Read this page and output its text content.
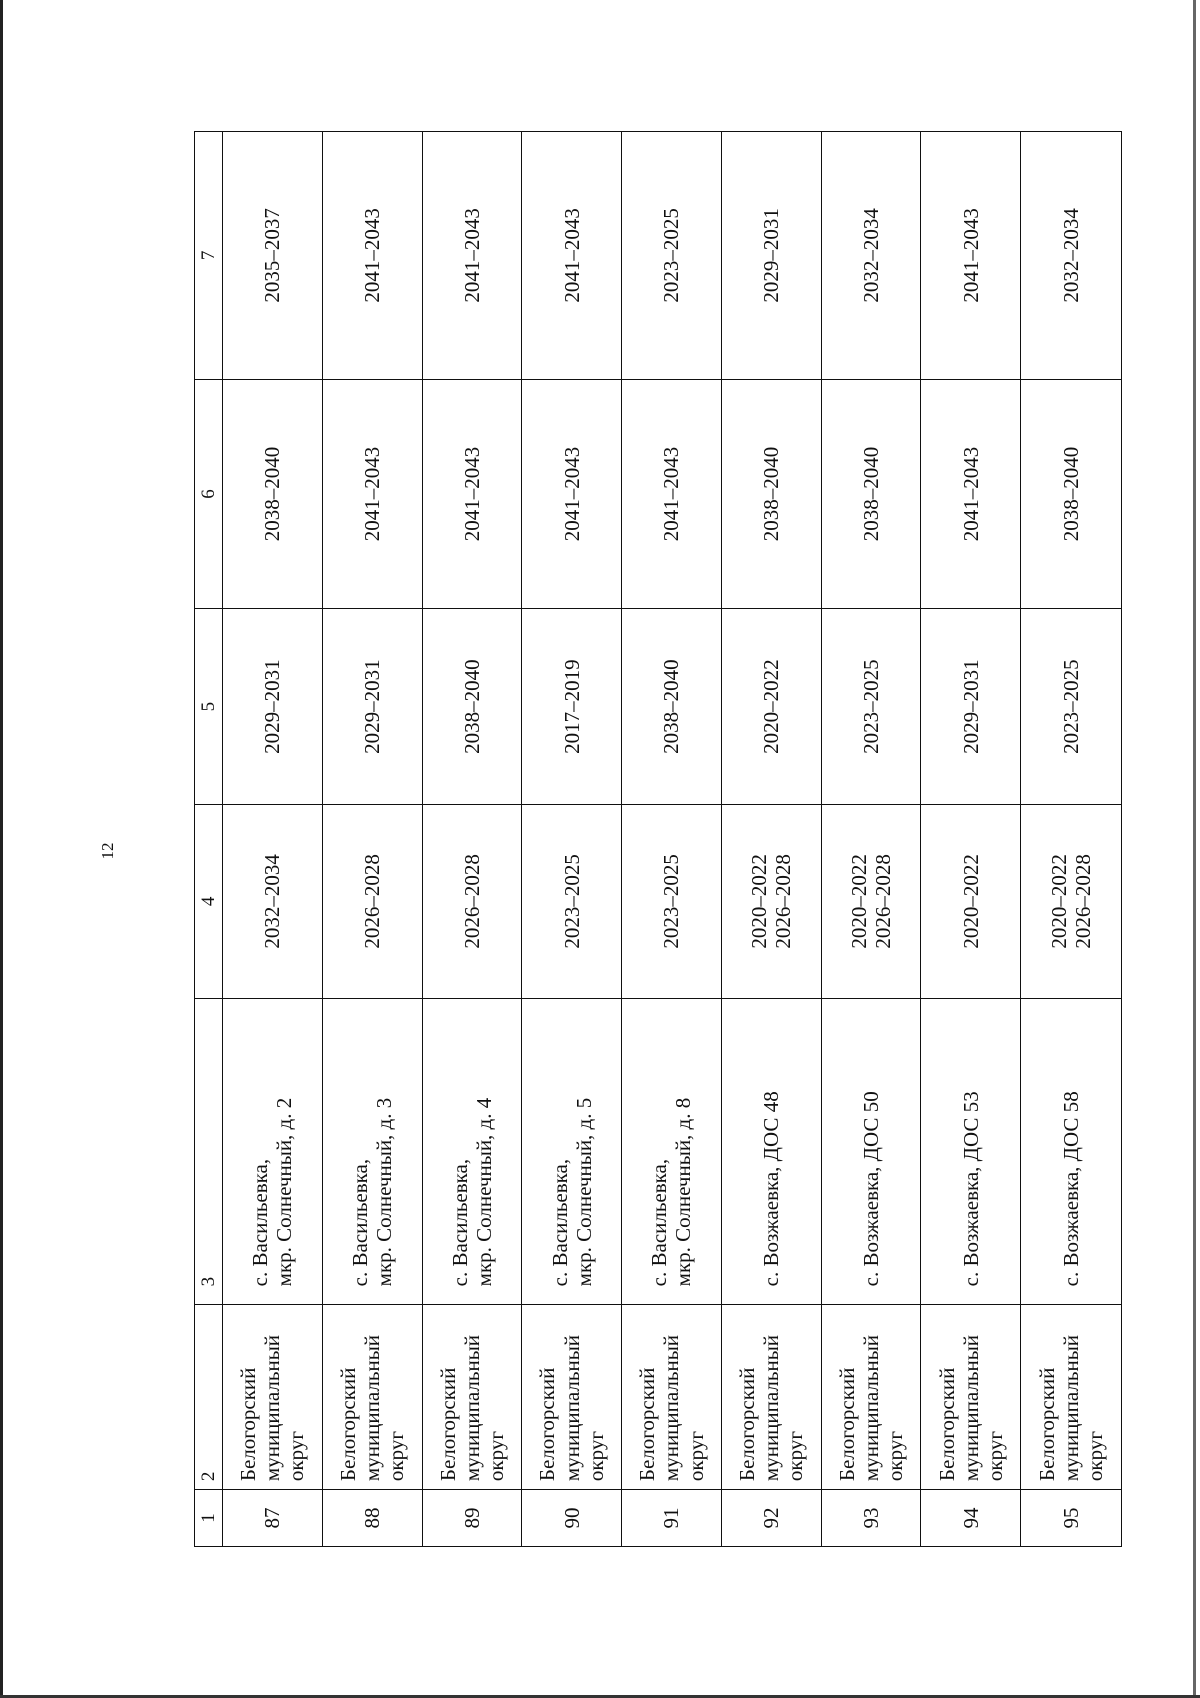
12
7
6
5
4
3
2
1
2035–2037
2038–2040
2029–2031
2032–2034
с. Васильевка,
мкр. Солнечный, д. 2
Белогорский
муниципальный
округ
87
2041–2043
2041–2043
2029–2031
2026–2028
с. Васильевка,
мкр. Солнечный, д. 3
Белогорский
муниципальный
округ
88
2041–2043
2041–2043
2038–2040
2026–2028
с. Васильевка,
мкр. Солнечный, д. 4
Белогорский
муниципальный
округ
89
2041–2043
2041–2043
2017–2019
2023–2025
с. Васильевка,
мкр. Солнечный, д. 5
Белогорский
муниципальный
округ
90
2023–2025
2041–2043
2038–2040
2023–2025
с. Васильевка,
мкр. Солнечный, д. 8
Белогорский
муниципальный
округ
91
2029–2031
2038–2040
2020–2022
2020–2022
2026–2028
с. Возжаевка, ДОС 48
Белогорский
муниципальный
округ
92
2032–2034
2038–2040
2023–2025
2020–2022
2026–2028
с. Возжаевка, ДОС 50
Белогорский
муниципальный
округ
93
2041–2043
2041–2043
2029–2031
2020–2022
с. Возжаевка, ДОС 53
Белогорский
муниципальный
округ
94
2032–2034
2038–2040
2023–2025
2020–2022
2026–2028
с. Возжаевка, ДОС 58
Белогорский
муниципальный
округ
95
